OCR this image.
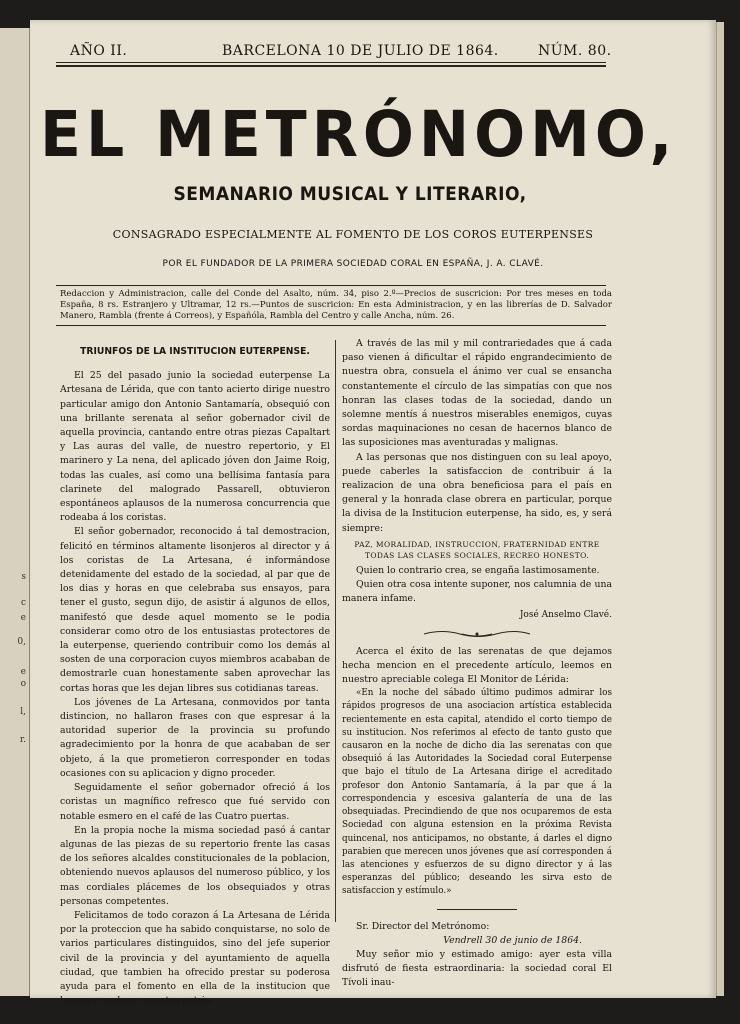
s
c
e
0,
e
o
l,
r.
AÑO II.	BARCELONA 10 DE JULIO DE 1864.	NÚM. 80.
EL METRÓNOMO,
SEMANARIO MUSICAL Y LITERARIO,
CONSAGRADO ESPECIALMENTE AL FOMENTO DE LOS COROS EUTERPENSES
POR EL FUNDADOR DE LA PRIMERA SOCIEDAD CORAL EN ESPAÑA, J. A. CLAVÉ.
Redaccion y Administracion, calle del Conde del Asalto, núm. 34, piso 2.º—Precios de suscricion: Por tres meses en toda España, 8 rs. Estranjero y Ultramar, 12 rs.—Puntos de suscricion: En esta Administracion, y en las librerías de D. Salvador Manero, Rambla (frente á Correos), y Españóla, Rambla del Centro y calle Ancha, núm. 26.
TRIUNFOS DE LA INSTITUCION EUTERPENSE.

El 25 del pasado junio la sociedad euterpense La Artesana de Lérida, que con tanto acierto dirige nuestro particular amigo don Antonio Santamaría, obsequió con una brillante serenata al señor gobernador civil de aquella provincia, cantando entre otras piezas Capaltart y Las auras del valle, de nuestro repertorio, y El marinero y La nena, del aplicado jóven don Jaime Roig, todas las cuales, así como una bellísima fantasía para clarinete del malogrado Passarell, obtuvieron espontáneos aplausos de la numerosa concurrencia que rodeaba á los coristas.

El señor gobernador, reconocido á tal demostracion, felicitó en términos altamente lisonjeros al director y á los coristas de La Artesana, é informándose detenidamente del estado de la sociedad, al par que de los dias y horas en que celebraba sus ensayos, para tener el gusto, segun dijo, de asistir á algunos de ellos, manifestó que desde aquel momento se le podia considerar como otro de los entusiastas protectores de la euterpense, queriendo contribuir como los demás al sosten de una corporacion cuyos miembros acababan de demostrarle cuan honestamente saben aprovechar las cortas horas que les dejan libres sus cotidianas tareas.

Los jóvenes de La Artesana, conmovidos por tanta distincion, no hallaron frases con que espresar á la autoridad superior de la provincia su profundo agradecimiento por la honra de que acababan de ser objeto, á la que prometieron corresponder en todas ocasiones con su aplicacion y digno proceder.

Seguidamente el señor gobernador ofreció á los coristas un magnífico refresco que fué servido con notable esmero en el café de las Cuatro puertas.

En la propia noche la misma sociedad pasó á cantar algunas de las piezas de su repertorio frente las casas de los señores alcaldes constitucionales de la poblacion, obteniendo nuevos aplausos del numeroso público, y los mas cordiales plácemes de los obsequiados y otras personas competentes.

Felicitamos de todo corazon á La Artesana de Lérida por la proteccion que ha sabido conquistarse, no solo de varios particulares distinguidos, sino del jefe superior civil de la provincia y del ayuntamiento de aquella ciudad, que tambien ha ofrecido prestar su poderosa ayuda para el fomento en ella de la institucion que hemos creado en nuestra patria.

A través de las mil y mil contrariedades que á cada paso vienen á dificultar el rápido engrandecimiento de nuestra obra, consuela el ánimo ver cual se ensancha constantemente el círculo de las simpatías con que nos honran las clases todas de la sociedad, dando un solemne mentís á nuestros miserables enemigos, cuyas sordas maquinaciones no cesan de hacernos blanco de las suposiciones mas aventuradas y malignas.

A las personas que nos distinguen con su leal apoyo, puede caberles la satisfaccion de contribuir á la realizacion de una obra beneficiosa para el país en general y la honrada clase obrera en particular, porque la divisa de la Institucion euterpense, ha sido, es, y será siempre:

PAZ, MORALIDAD, INSTRUCCION, FRATERNIDAD ENTRE TODAS LAS CLASES SOCIALES, RECREO HONESTO.

Quien lo contrario crea, se engaña lastimosamente.

Quien otra cosa intente suponer, nos calumnia de una manera infame.

José Anselmo Clavé.

Acerca el éxito de las serenatas de que dejamos hecha mencion en el precedente artículo, leemos en nuestro apreciable colega El Monitor de Lérida:

«En la noche del sábado último pudimos admirar los rápidos progresos de una asociacion artística establecida recientemente en esta capital, atendido el corto tiempo de su institucion. Nos referimos al efecto de tanto gusto que causaron en la noche de dicho dia las serenatas con que obsequió á las Autoridades la Sociedad coral Euterpense que bajo el título de La Artesana dirige el acreditado profesor don Antonio Santamaría, á la par que á la correspondencia y escesiva galantería de una de las obsequiadas. Precindiendo de que nos ocuparemos de esta Sociedad con alguna estension en la próxima Revista quincenal, nos anticipamos, no obstante, á darles el digno parabien que merecen unos jóvenes que así corresponden á las atenciones y esfuerzos de su digno director y á las esperanzas del público; deseando les sirva esto de satisfaccion y estímulo.»

Sr. Director del Metrónomo:

Vendrell 30 de junio de 1864.

Muy señor mio y estimado amigo: ayer esta villa disfrutó de fiesta estraordinaria: la sociedad coral El Tívoli inau-
